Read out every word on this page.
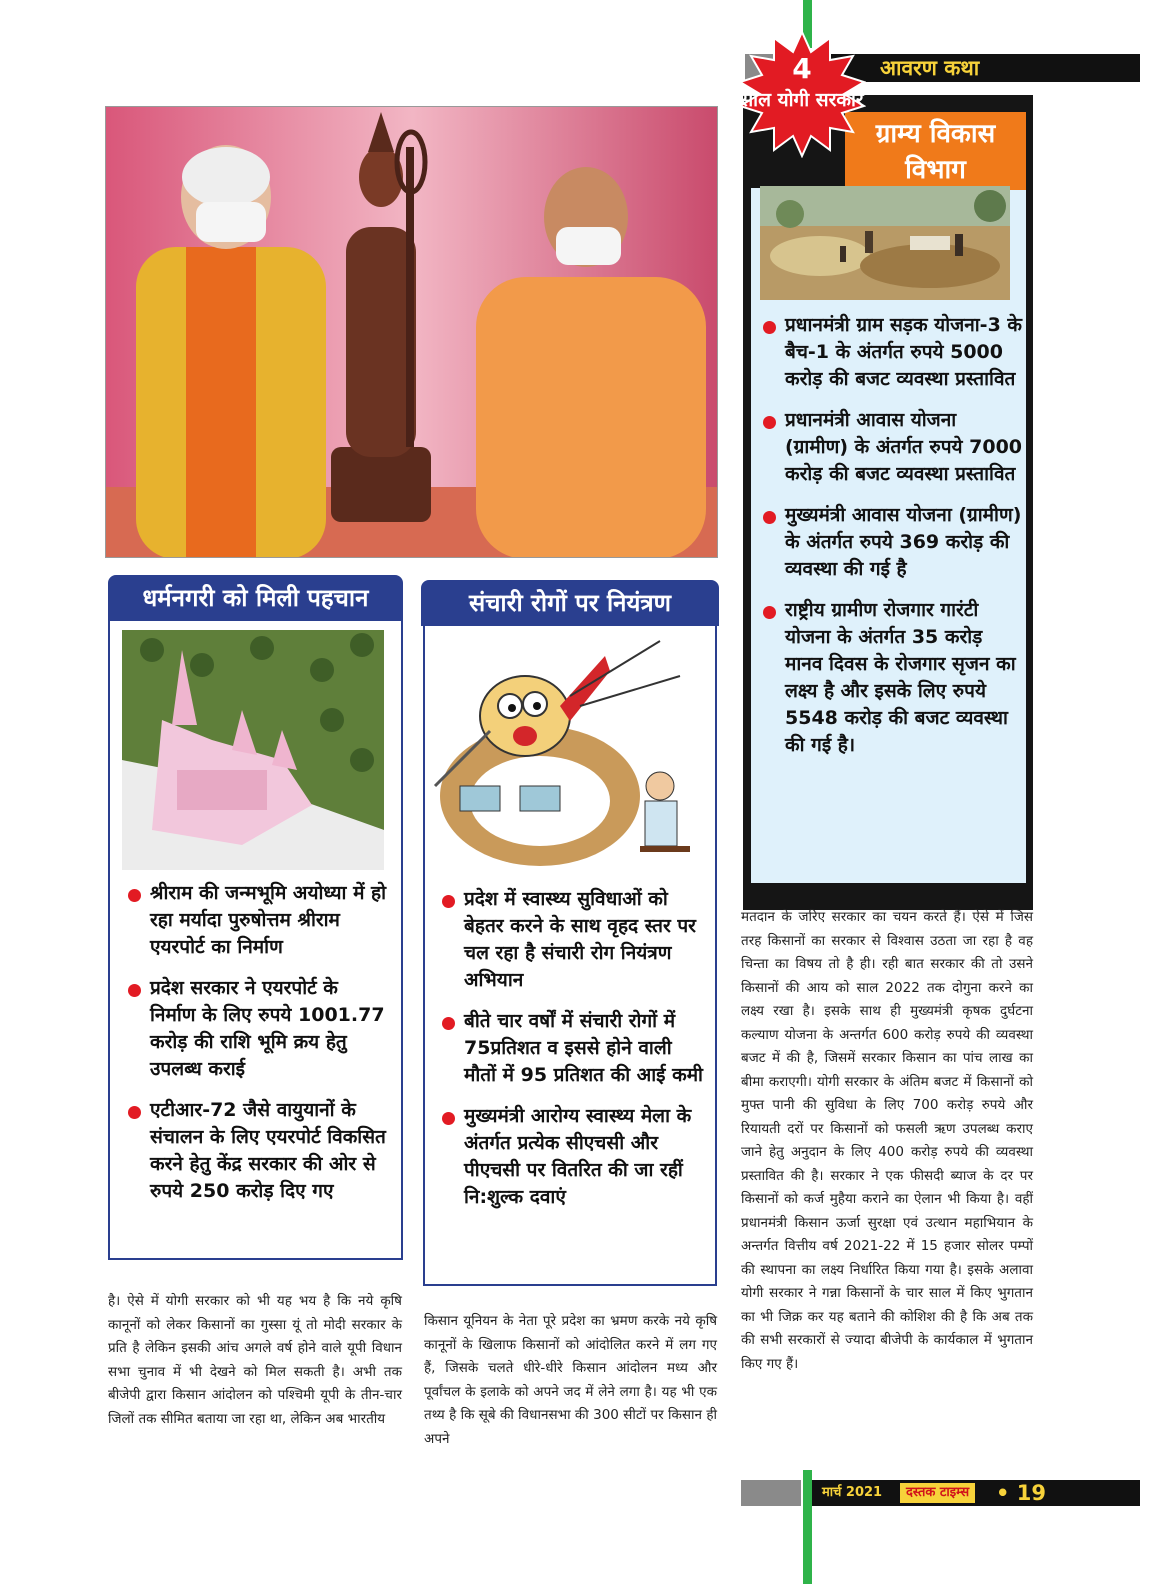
आवरण कथा
ग्राम्य विकास विभाग
प्रधानमंत्री ग्राम सड़क योजना-3 के बैच-1 के अंतर्गत रुपये 5000 करोड़ की बजट व्यवस्था प्रस्तावित
प्रधानमंत्री आवास योजना (ग्रामीण) के अंतर्गत रुपये 7000 करोड़ की बजट व्यवस्था प्रस्तावित
मुख्यमंत्री आवास योजना (ग्रामीण) के अंतर्गत रुपये 369 करोड़ की व्यवस्था की गई है
राष्ट्रीय ग्रामीण रोजगार गारंटी योजना के अंतर्गत 35 करोड़ मानव दिवस के रोजगार सृजन का लक्ष्य है और इसके लिए रुपये 5548 करोड़ की बजट व्यवस्था की गई है।
4
साल योगी सरकार
धर्मनगरी को मिली पहचान
श्रीराम की जन्मभूमि अयोध्या में हो रहा मर्यादा पुरुषोत्तम श्रीराम एयरपोर्ट का निर्माण
प्रदेश सरकार ने एयरपोर्ट के निर्माण के लिए रुपये 1001.77 करोड़ की राशि भूमि क्रय हेतु उपलब्ध कराई
एटीआर-72 जैसे वायुयानों के संचालन के लिए एयरपोर्ट विकसित करने हेतु केंद्र सरकार की ओर से रुपये 250 करोड़ दिए गए
संचारी रोगों पर नियंत्रण
प्रदेश में स्वास्थ्य सुविधाओं को बेहतर करने के साथ वृहद स्तर पर चल रहा है संचारी रोग नियंत्रण अभियान
बीते चार वर्षों में संचारी रोगों में 75प्रतिशत व इससे होने वाली मौतों में 95 प्रतिशत की आई कमी
मुख्यमंत्री आरोग्य स्वास्थ्य मेला के अंतर्गत प्रत्येक सीएचसी और पीएचसी पर वितरित की जा रहीं नि:शुल्क दवाएं
है। ऐसे में योगी सरकार को भी यह भय है कि नये कृषि कानूनों को लेकर किसानों का गुस्सा यूं तो मोदी सरकार के प्रति है लेकिन इसकी आंच अगले वर्ष होने वाले यूपी विधान सभा चुनाव में भी देखने को मिल सकती है। अभी तक बीजेपी द्वारा किसान आंदोलन को पश्चिमी यूपी के तीन-चार जिलों तक सीमित बताया जा रहा था, लेकिन अब भारतीय
किसान यूनियन के नेता पूरे प्रदेश का भ्रमण करके नये कृषि कानूनों के खिलाफ किसानों को आंदोलित करने में लग गए हैं, जिसके चलते धीरे-धीरे किसान आंदोलन मध्य और पूर्वांचल के इलाके को अपने जद में लेने लगा है। यह भी एक तथ्य है कि सूबे की विधानसभा की 300 सीटों पर किसान ही अपने
मतदान के जरिए सरकार का चयन करते हैं। ऐसे में जिस तरह किसानों का सरकार से विश्वास उठता जा रहा है वह चिन्ता का विषय तो है ही। रही बात सरकार की तो उसने किसानों की आय को साल 2022 तक दोगुना करने का लक्ष्य रखा है। इसके साथ ही मुख्यमंत्री कृषक दुर्घटना कल्याण योजना के अन्तर्गत 600 करोड़ रुपये की व्यवस्था बजट में की है, जिसमें सरकार किसान का पांच लाख का बीमा कराएगी। योगी सरकार के अंतिम बजट में किसानों को मुफ्त पानी की सुविधा के लिए 700 करोड़ रुपये और रियायती दरों पर किसानों को फसली ऋण उपलब्ध कराए जाने हेतु अनुदान के लिए 400 करोड़ रुपये की व्यवस्था प्रस्तावित की है। सरकार ने एक फीसदी ब्याज के दर पर किसानों को कर्ज मुहैया कराने का ऐलान भी किया है। वहीं प्रधानमंत्री किसान ऊर्जा सुरक्षा एवं उत्थान महाभियान के अन्तर्गत वित्तीय वर्ष 2021-22 में 15 हजार सोलर पम्पों की स्थापना का लक्ष्य निर्धारित किया गया है। इसके अलावा योगी सरकार ने गन्ना किसानों के चार साल में किए भुगतान का भी जिक्र कर यह बताने की कोशिश की है कि अब तक की सभी सरकारों से ज्यादा बीजेपी के कार्यकाल में भुगतान किए गए हैं।
मार्च 2021	दस्तक टाइम्स • 19
